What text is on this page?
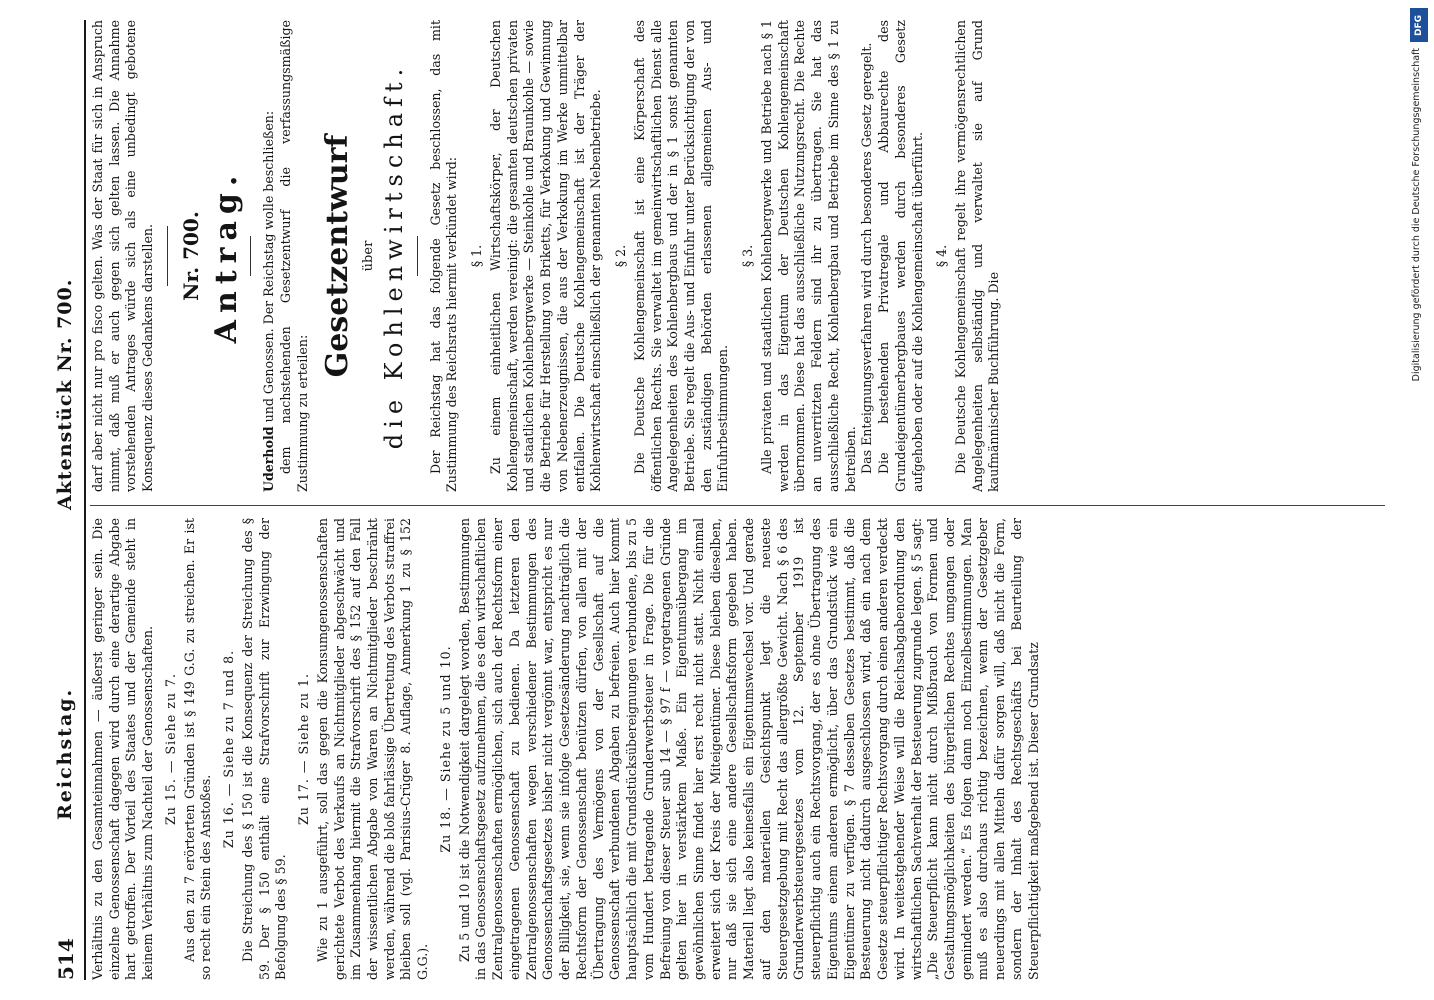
514
Reichstag.
Aktenstück Nr. 700.

Verhältnis zu den Gesamteinnahmen — äußerst geringer sein. Die einzelne Genossenschaft dagegen wird durch eine derartige Abgabe hart getroffen. Der Vorteil des Staates und der Gemeinde steht in keinem Verhältnis zum Nachteil der Genossenschaften. Zu 15. — Siehe zu 7. Aus den zu 7 erörterten Gründen ist § 149 G.G. zu streichen. Er ist so recht ein Stein des Anstoßes.

Zu 16. — Siehe zu 7 und 8. Die Streichung des § 150 ist die Konsequenz der Streichung des § 59. Der § 150 enthält eine Strafvorschrift zur Erzwingung der Befolgung des § 59.

Zu 17. — Siehe zu 1. Wie zu 1 ausgeführt, soll das gegen die Konsumgenossenschaften gerichtete Verbot des Verkaufs an Nichtmitglieder abgeschwächt und im Zusammenhang hiermit die Strafvorschrift des § 152 auf den Fall der wissentlichen Abgabe von Waren an Nichtmitglieder beschränkt werden, während die bloß fahrlässige Übertretung des Verbots straffrei bleiben soll (vgl. Parisius-Crüger 8. Auflage, Anmerkung 1 zu § 152 G.G.).

Zu 18. — Siehe zu 5 und 10. Zu 5 und 10 ist die Notwendigkeit dargelegt worden, Bestimmungen in das Genossenschaftsgesetz aufzunehmen, die es den wirtschaftlichen Zentralgenossenschaften ermöglichen, sich auch der Rechtsform einer eingetragenen Genossenschaft zu bedienen. Da letzteren den Zentralgenossenschaften wegen verschiedener Bestimmungen des Genossenschaftsgesetzes bisher nicht vergönnt war, entspricht es nur der Billigkeit, sie, wenn sie infolge Gesetzesänderung nachträglich die Rechtsform der Genossenschaft benützen dürfen, von allen mit der Übertragung des Vermögens von der Gesellschaft auf die Genossenschaft verbundenen Abgaben zu befreien. Auch hier kommt hauptsächlich die mit Grundstücksübereignungen verbundene, bis zu 5 vom Hundert betragende Grunderwerbsteuer in Frage. Die für die Befreiung von dieser Steuer sub 14 — § 97 f — vorgetragenen Gründe gelten hier in verstärktem Maße. Ein Eigentumsübergang im gewöhnlichen Sinne findet hier erst recht nicht statt. Nicht einmal erweitert sich der Kreis der Miteigentümer. Diese bleiben dieselben, nur daß sie sich eine andere Gesellschaftsform gegeben haben. Materiell liegt also keinesfalls ein Eigentumswechsel vor. Und gerade auf den materiellen Gesichtspunkt legt die neueste Steuergesetzgebung mit Recht das allergrößte Gewicht. Nach § 6 des Grunderwerbsteuergesetzes vom 12. September 1919 ist steuerpflichtig auch ein Rechtsvorgang, der es ohne Übertragung des Eigentums einem anderen ermöglicht, über das Grundstück wie ein Eigentümer zu verfügen. § 7 desselben Gesetzes bestimmt, daß die Besteuerung nicht dadurch ausgeschlossen wird, daß ein nach dem Gesetze steuerpflichtiger Rechtsvorgang durch einen anderen verdeckt wird. In weitestgehender Weise will die Reichsabgabenordnung den wirtschaftlichen Sachverhalt der Besteuerung zugrunde legen. § 5 sagt: „Die Steuerpflicht kann nicht durch Mißbrauch von Formen und Gestaltungsmöglichkeiten des bürgerlichen Rechtes umgangen oder gemindert werden.“ Es folgen dann noch Einzelbestimmungen. Man muß es also durchaus richtig bezeichnen, wenn der Gesetzgeber neuerdings mit allen Mitteln dafür sorgen will, daß nicht die Form, sondern der Inhalt des Rechtsgeschäfts bei Beurteilung der Steuerpflichtigkeit maßgebend ist. Dieser Grundsatz

darf aber nicht nur pro fisco gelten. Was der Staat für sich in Anspruch nimmt, daß muß er auch gegen sich gelten lassen. Die Annahme vorstehenden Antrages würde sich als eine unbedingt gebotene Konsequenz dieses Gedankens darstellen. Nr. 700. Antrag.

Uderhold und Genossen. Der Reichstag wolle beschließen: dem nachstehenden Gesetzentwurf die verfassungsmäßige Zustimmung zu erteilen:

Gesetzentwurf über die Kohlenwirtschaft. Der Reichstag hat das folgende Gesetz beschlossen, das mit Zustimmung des Reichsrats hiermit verkündet wird: § 1. Zu einem einheitlichen Wirtschaftskörper, der Deutschen Kohlengemeinschaft, werden vereinigt: die gesamten deutschen privaten und staatlichen Kohlenbergwerke — Steinkohle und Braunkohle — sowie die Betriebe für Herstellung von Briketts, für Verkokung und Gewinnung von Nebenerzeugnissen, die aus der Verkokung im Werke unmittelbar entfallen. Die Deutsche Kohlengemeinschaft ist der Träger der Kohlenwirtschaft einschließlich der genannten Nebenbetriebe. § 2. Die Deutsche Kohlengemeinschaft ist eine Körperschaft des öffentlichen Rechts. Sie verwaltet im gemeinwirtschaftlichen Dienst alle Angelegenheiten des Kohlenbergbaus und der in § 1 sonst genannten Betriebe. Sie regelt die Aus- und Einfuhr unter Berücksichtigung der von den zuständigen Behörden erlassenen allgemeinen Aus- und Einfuhrbestimmungen.

§ 3. Alle privaten und staatlichen Kohlenbergwerke und Betriebe nach § 1 werden in das Eigentum der Deutschen Kohlengemeinschaft übernommen. Diese hat das ausschließliche Nutzungsrecht. Die Rechte an unverritzten Feldern sind ihr zu übertragen. Sie hat das ausschließliche Recht, Kohlenbergbau und Betriebe im Sinne des § 1 zu betreiben. Das Enteignungsverfahren wird durch besonderes Gesetz geregelt. Die bestehenden Privatregale und Abbaurechte des Grundeigentümerbergbaues werden durch besonderes Gesetz aufgehoben oder auf die Kohlengemeinschaft überführt. § 4. Die Deutsche Kohlengemeinschaft regelt ihre vermögensrechtlichen Angelegenheiten selbständig und verwaltet sie auf Grund kaufmännischer Buchführung. Die

DFG
Digitalisierung gefördert durch die Deutsche Forschungsgemeinschaft
